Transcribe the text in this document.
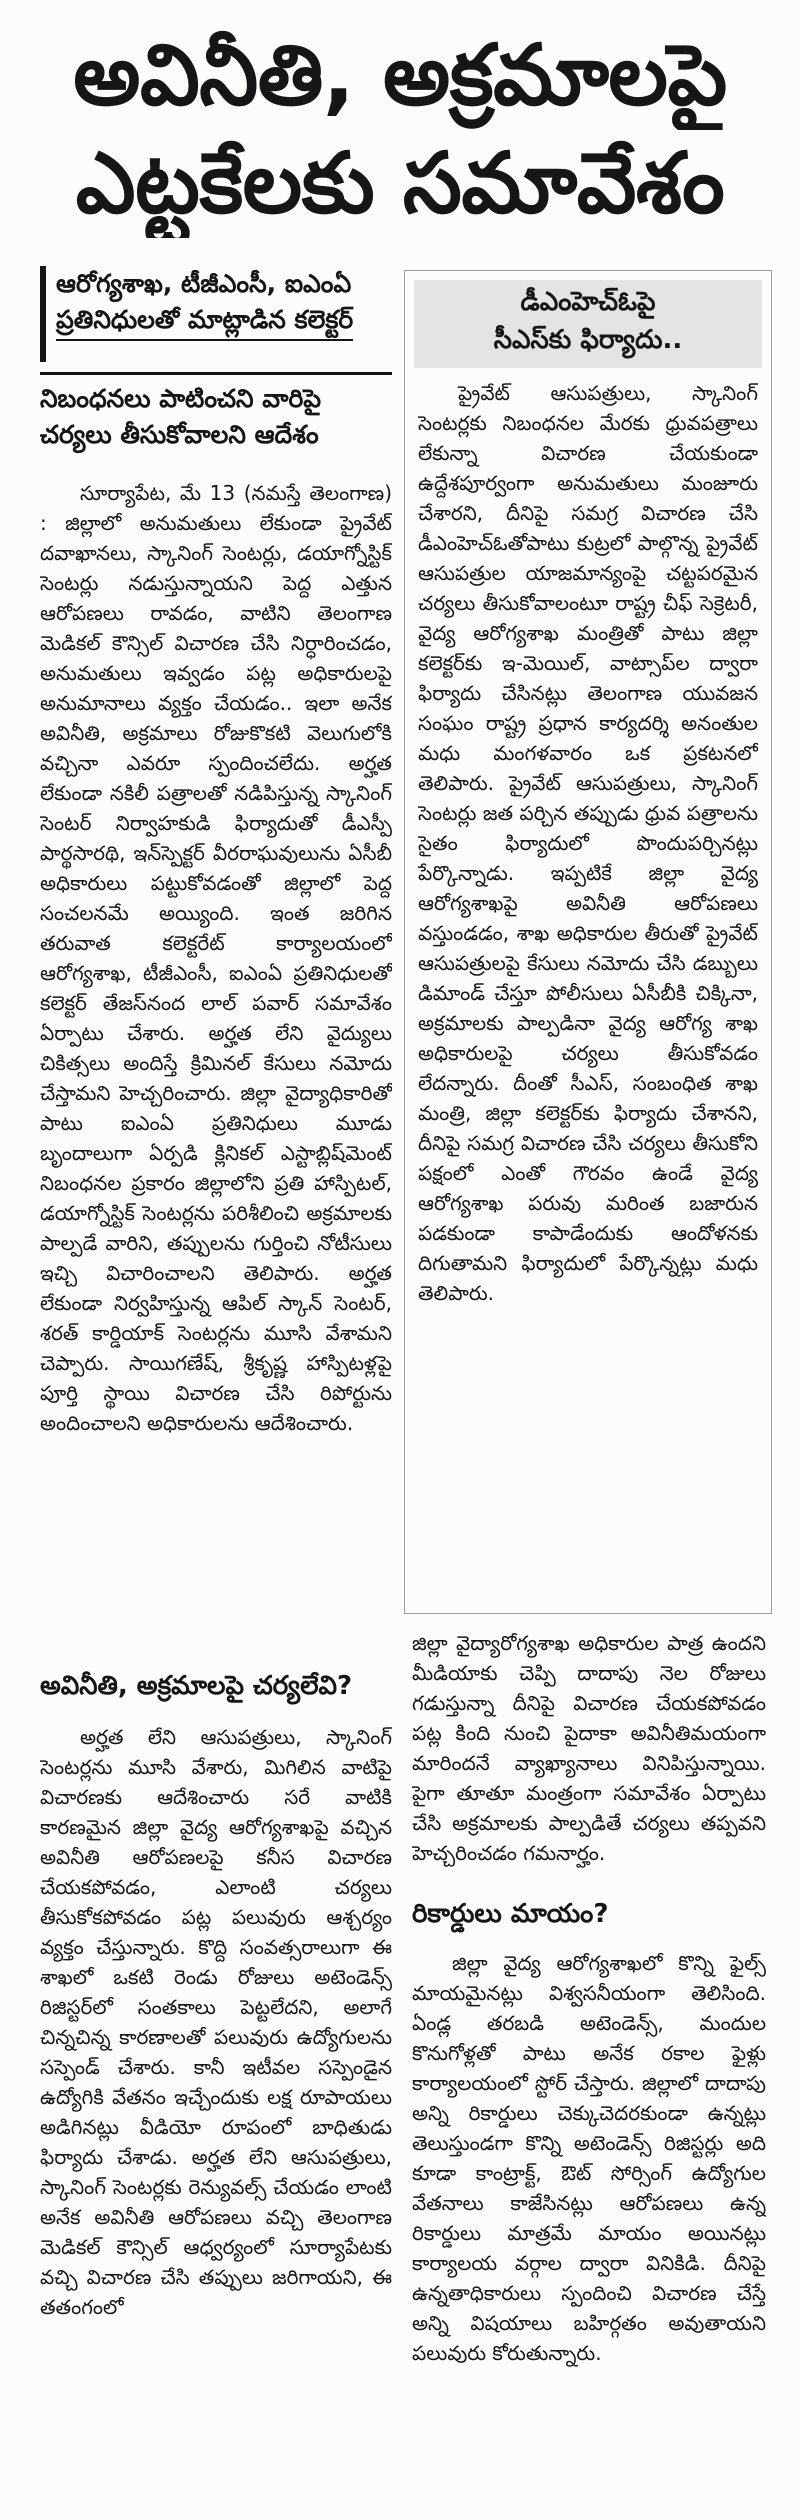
అవినీతి, అక్రమాలపై
ఎట్టకేలకు సమావేశం
ఆరోగ్యశాఖ, టీజీఎంసీ, ఐఎంఏ
ప్రతినిధులతో మాట్లాడిన కలెక్టర్
నిబంధనలు పాటించని వారిపై
చర్యలు తీసుకోవాలని ఆదేశం

సూర్యాపేట, మే 13 (నమస్తే తెలంగాణ) : జిల్లాలో అనుమతులు లేకుండా ప్రైవేట్ దవాఖానలు, స్కానింగ్ సెంటర్లు, డయాగ్నోస్టిక్ సెంటర్లు నడుస్తున్నాయని పెద్ద ఎత్తున ఆరోపణలు రావడం, వాటిని తెలంగాణ మెడికల్ కౌన్సిల్ విచారణ చేసి నిర్ధారించడం, అనుమతులు ఇవ్వడం పట్ల అధికారులపై అనుమానాలు వ్యక్తం చేయడం.. ఇలా అనేక అవినీతి, అక్రమాలు రోజుకొకటి వెలుగులోకి వచ్చినా ఎవరూ స్పందించలేదు. అర్హత లేకుండా నకిలీ పత్రాలతో నడిపిస్తున్న స్కానింగ్ సెంటర్ నిర్వాహకుడి ఫిర్యాదుతో డీఎస్పీ పార్థసారథి, ఇన్‌స్పెక్టర్ వీరరాఘవులును ఏసీబీ అధికారులు పట్టుకోవడంతో జిల్లాలో పెద్ద సంచలనమే అయ్యింది. ఇంత జరిగిన తరువాత కలెక్టరేట్ కార్యాలయంలో ఆరోగ్యశాఖ, టీజీఎంసీ, ఐఎంఏ ప్రతినిధులతో కలెక్టర్ తేజస్‌నంద లాల్ పవార్ సమావేశం ఏర్పాటు చేశారు. అర్హత లేని వైద్యులు చికిత్సలు అందిస్తే క్రిమినల్ కేసులు నమోదు చేస్తామని హెచ్చరించారు. జిల్లా వైద్యాధికారితో పాటు ఐఎంఏ ప్రతినిధులు మూడు బృందాలుగా ఏర్పడి క్లినికల్ ఎస్టాబ్లిష్‌మెంట్ నిబంధనల ప్రకారం జిల్లాలోని ప్రతి హాస్పిటల్, డయాగ్నోస్టిక్ సెంటర్లను పరిశీలించి అక్రమాలకు పాల్పడే వారిని, తప్పులను గుర్తించి నోటీసులు ఇచ్చి విచారించాలని తెలిపారు. అర్హత లేకుండా నిర్వహిస్తున్న ఆపిల్ స్కాన్ సెంటర్, శరత్ కార్డియాక్ సెంటర్లను మూసి వేశామని చెప్పారు. సాయిగణేష్, శ్రీకృష్ణ హాస్పిటళ్లపై పూర్తి స్థాయి విచారణ చేసి రిపోర్టును అందించాలని అధికారులను ఆదేశించారు.

అవినీతి, అక్రమాలపై చర్యలేవి?

అర్హత లేని ఆసుపత్రులు, స్కానింగ్ సెంటర్లను మూసి వేశారు, మిగిలిన వాటిపై విచారణకు ఆదేశించారు సరే వాటికి కారణమైన జిల్లా వైద్య ఆరోగ్యశాఖపై వచ్చిన అవినీతి ఆరోపణలపై కనీస విచారణ చేయకపోవడం, ఎలాంటి చర్యలు తీసుకోకపోవడం పట్ల పలువురు ఆశ్చర్యం వ్యక్తం చేస్తున్నారు. కొద్ది సంవత్సరాలుగా ఈ శాఖలో ఒకటి రెండు రోజులు అటెండెన్స్ రిజిస్టర్‌లో సంతకాలు పెట్టలేదని, అలాగే చిన్నచిన్న కారణాలతో పలువురు ఉద్యోగులను సస్పెండ్ చేశారు. కానీ ఇటీవల సస్పెండైన ఉద్యోగికి వేతనం ఇచ్చేందుకు లక్ష రూపాయలు అడిగినట్లు వీడియో రూపంలో బాధితుడు ఫిర్యాదు చేశాడు. అర్హత లేని ఆసుపత్రులు, స్కానింగ్ సెంటర్లకు రెన్యువల్స్ చేయడం లాంటి అనేక అవినీతి ఆరోపణలు వచ్చి తెలంగాణ మెడికల్ కౌన్సిల్ ఆధ్వర్యంలో సూర్యాపేటకు వచ్చి విచారణ చేసి తప్పులు జరిగాయని, ఈ తతంగంలో

డీఎంహెచ్ఓపై
సీఎస్‌కు ఫిర్యాదు..

ప్రైవేట్ ఆసుపత్రులు, స్కానింగ్ సెంటర్లకు నిబంధనల మేరకు ధ్రువపత్రాలు లేకున్నా విచారణ చేయకుండా ఉద్దేశపూర్వంగా అనుమతులు మంజూరు చేశారని, దీనిపై సమగ్ర విచారణ చేసి డీఎంహెచ్ఓతోపాటు కుట్రలో పాల్గొన్న ప్రైవేట్ ఆసుపత్రుల యాజమాన్యంపై చట్టపరమైన చర్యలు తీసుకోవాలంటూ రాష్ట్ర చీఫ్ సెక్రెటరీ, వైద్య ఆరోగ్యశాఖ మంత్రితో పాటు జిల్లా కలెక్టర్‌కు ఇ-మెయిల్, వాట్సాప్‌ల ద్వారా ఫిర్యాదు చేసినట్లు తెలంగాణ యువజన సంఘం రాష్ట్ర ప్రధాన కార్యదర్శి అనంతుల మధు మంగళవారం ఒక ప్రకటనలో తెలిపారు. ప్రైవేట్ ఆసుపత్రులు, స్కానింగ్ సెంటర్లు జత పర్చిన తప్పుడు ధ్రువ పత్రాలను సైతం ఫిర్యాదులో పొందుపర్చినట్లు పేర్కొన్నాడు. ఇప్పటికే జిల్లా వైద్య ఆరోగ్యశాఖపై అవినీతి ఆరోపణలు వస్తుండడం, శాఖ అధికారుల తీరుతో ప్రైవేట్ ఆసుపత్రులపై కేసులు నమోదు చేసి డబ్బులు డిమాండ్ చేస్తూ పోలీసులు ఏసీబీకి చిక్కినా, అక్రమాలకు పాల్పడినా వైద్య ఆరోగ్య శాఖ అధికారులపై చర్యలు తీసుకోవడం లేదన్నారు. దీంతో సీఎస్, సంబంధిత శాఖ మంత్రి, జిల్లా కలెక్టర్‌కు ఫిర్యాదు చేశానని, దీనిపై సమగ్ర విచారణ చేసి చర్యలు తీసుకోని పక్షంలో ఎంతో గౌరవం ఉండే వైద్య ఆరోగ్యశాఖ పరువు మరింత బజారున పడకుండా కాపాడేందుకు ఆందోళనకు దిగుతామని ఫిర్యాదులో పేర్కొన్నట్లు మధు తెలిపారు.

జిల్లా వైద్యారోగ్యశాఖ అధికారుల పాత్ర ఉందని మీడియాకు చెప్పి దాదాపు నెల రోజులు గడుస్తున్నా దీనిపై విచారణ చేయకపోవడం పట్ల కింది నుంచి పైదాకా అవినీతిమయంగా మారిందనే వ్యాఖ్యానాలు వినిపిస్తున్నాయి. పైగా తూతూ మంత్రంగా సమావేశం ఏర్పాటు చేసి అక్రమాలకు పాల్పడితే చర్యలు తప్పవని హెచ్చరించడం గమనార్హం.

రికార్డులు మాయం?

జిల్లా వైద్య ఆరోగ్యశాఖలో కొన్ని ఫైల్స్ మాయమైనట్లు విశ్వసనీయంగా తెలిసింది. ఏండ్ల తరబడి అటెండెన్స్, మందుల కొనుగోళ్లతో పాటు అనేక రకాల ఫైళ్లు కార్యాలయంలో స్టోర్ చేస్తారు. జిల్లాలో దాదాపు అన్ని రికార్డులు చెక్కుచెదరకుండా ఉన్నట్లు తెలుస్తుండగా కొన్ని అటెండెన్స్ రిజిస్టర్లు అది కూడా కాంట్రాక్ట్, ఔట్ సోర్సింగ్ ఉద్యోగుల వేతనాలు కాజేసినట్లు ఆరోపణలు ఉన్న రికార్డులు మాత్రమే మాయం అయినట్లు కార్యాలయ వర్గాల ద్వారా వినికిడి. దీనిపై ఉన్నతాధికారులు స్పందించి విచారణ చేస్తే అన్ని విషయాలు బహిర్గతం అవుతాయని పలువురు కోరుతున్నారు.
